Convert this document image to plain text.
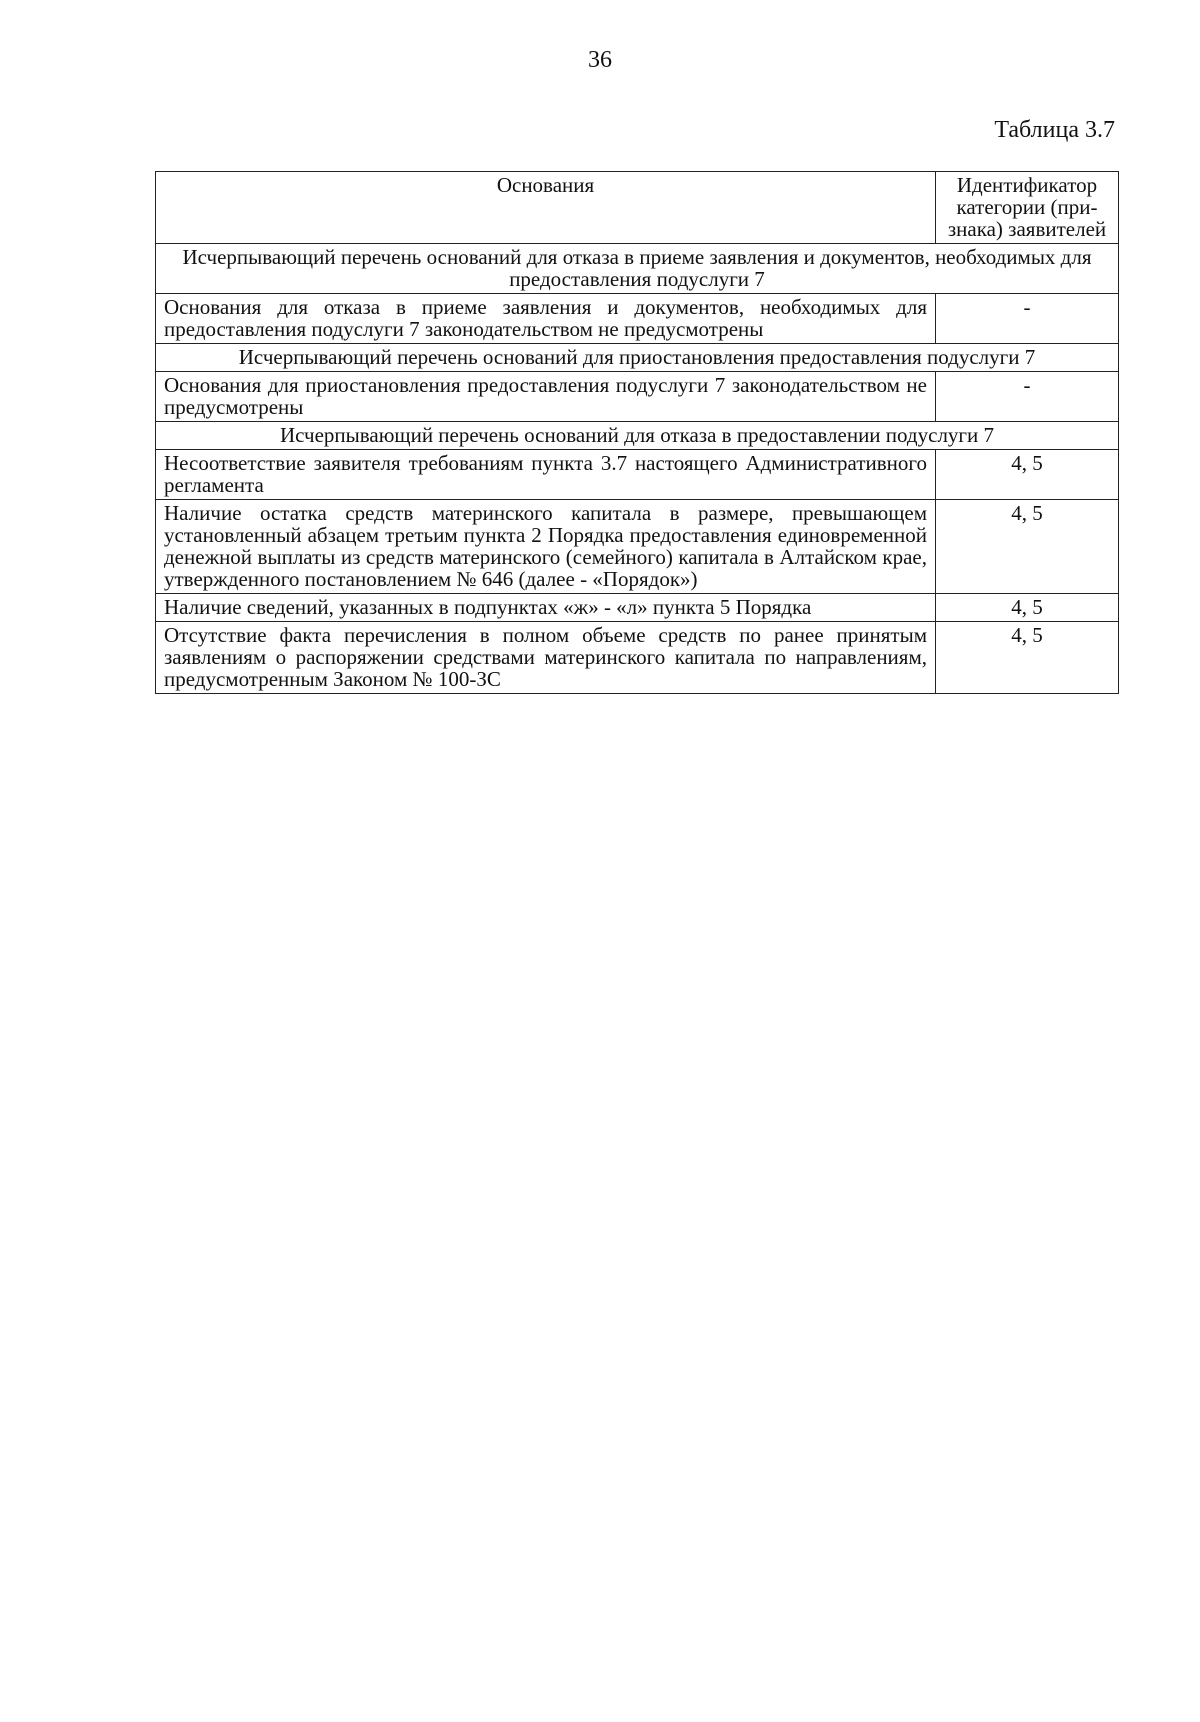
36
Таблица 3.7
Основания	Идентификатор категории (признака) заявителей
Исчерпывающий перечень оснований для отказа в приеме заявления и документов, необходимых для предоставления подуслуги 7	
Основания для отказа в приеме заявления и документов, необходимых для предоставления подуслуги 7 законодательством не предусмотрены	-
Исчерпывающий перечень оснований для приостановления предоставления подуслуги 7	
Основания для приостановления предоставления подуслуги 7 законодательством не предусмотрены	-
Исчерпывающий перечень оснований для отказа в предоставлении подуслуги 7	
Несоответствие заявителя требованиям пункта 3.7 настоящего Административного регламента	4, 5
Наличие остатка средств материнского капитала в размере, превышающем установленный абзацем третьим пункта 2 Порядка предоставления единовременной денежной выплаты из средств материнского (семейного) капитала в Алтайском крае, утвержденного постановлением № 646 (далее - «Порядок»)	4, 5
Наличие сведений, указанных в подпунктах «ж» - «л» пункта 5 Порядка	4, 5
Отсутствие факта перечисления в полном объеме средств по ранее принятым заявлениям о распоряжении средствами материнского капитала по направлениям, предусмотренным Законом № 100-ЗС	4, 5
